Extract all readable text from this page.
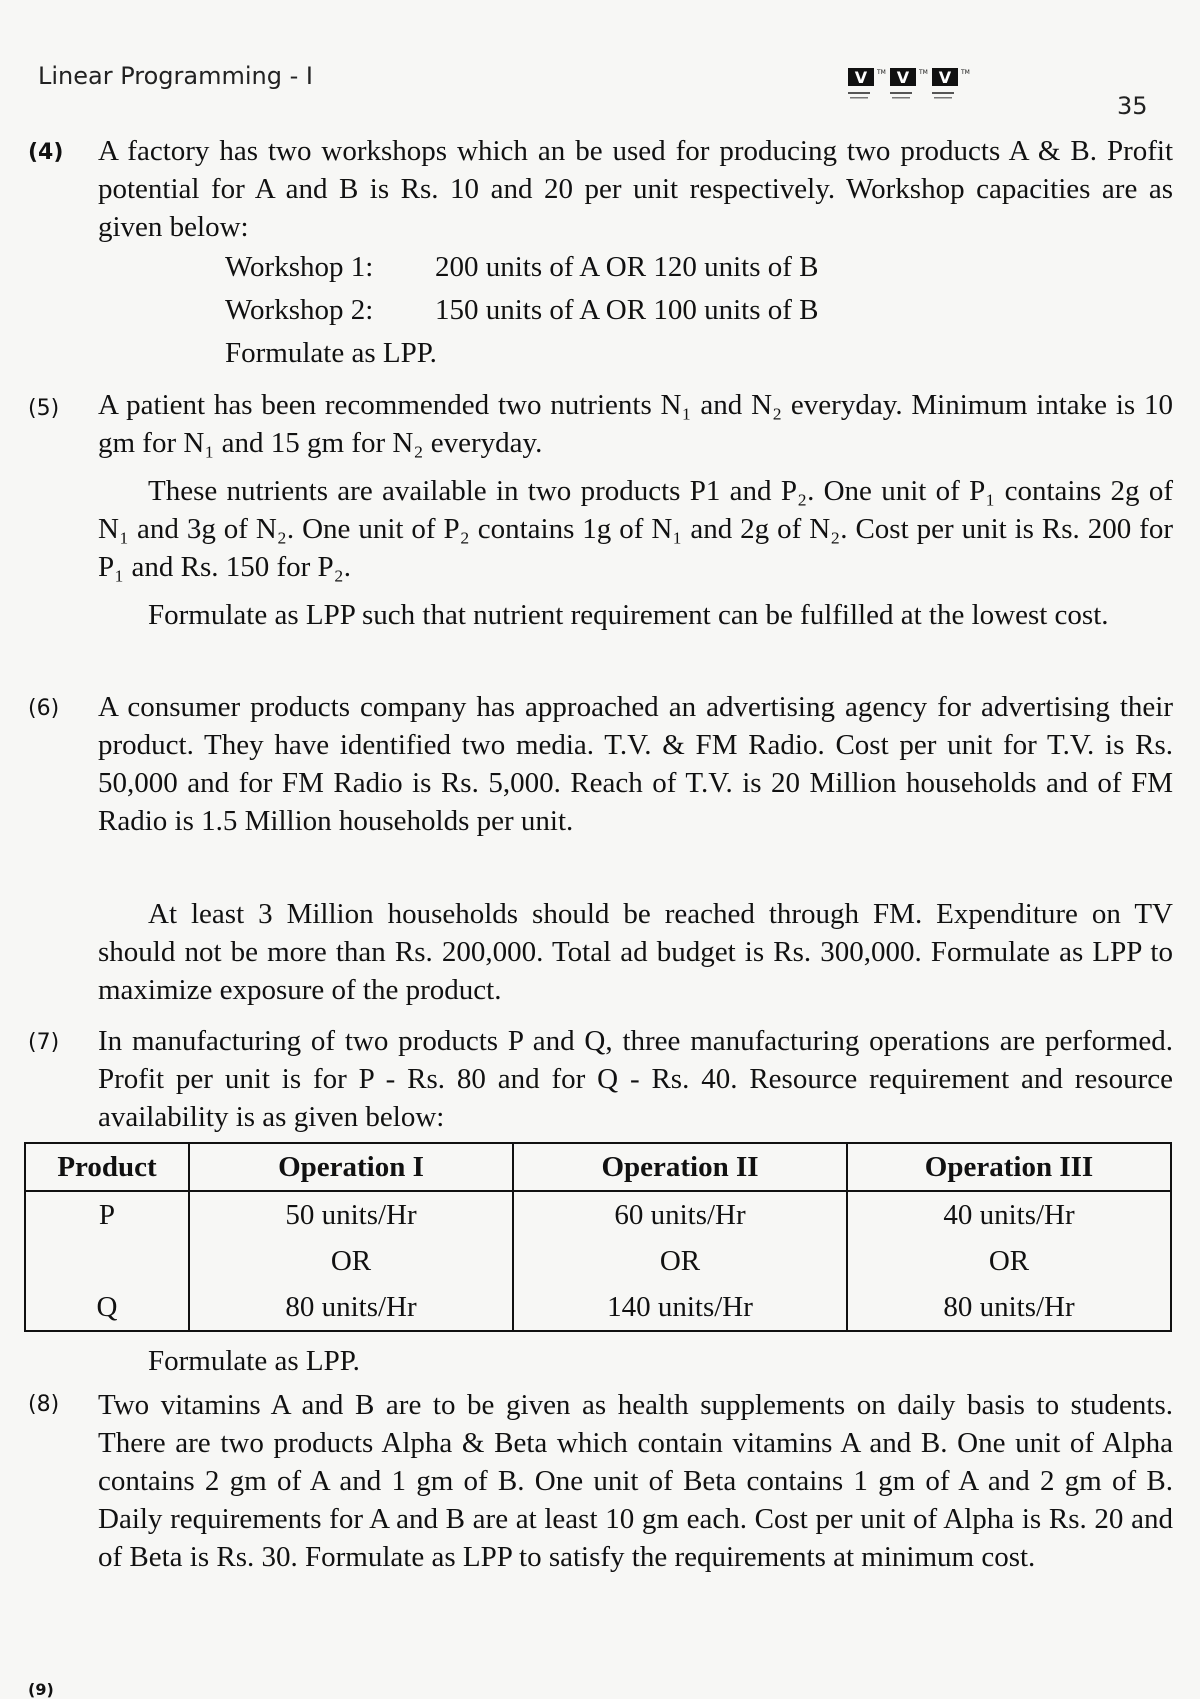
Linear Programming - I	V V V
TM	TM	TM
35
(4) A factory has two workshops which an be used for producing two products A & B. Profit potential for A and B is Rs. 10 and 20 per unit respectively. Workshop capacities are as given below:
Workshop 1:	200 units of A OR 120 units of B
Workshop 2:	150 units of A OR 100 units of B
Formulate as LPP.
(5) A patient has been recommended two nutrients N₁ and N₂ everyday. Minimum intake is 10 gm for N₁ and 15 gm for N₂ everyday.
These nutrients are available in two products P1 and P₂. One unit of P₁ contains 2g of N₁ and 3g of N₂. One unit of P₂ contains 1g of N₁ and 2g of N₂. Cost per unit is Rs. 200 for P₁ and Rs. 150 for P₂.
Formulate as LPP such that nutrient requirement can be fulfilled at the lowest cost.
(6) A consumer products company has approached an advertising agency for advertising their product. They have identified two media. T.V. & FM Radio. Cost per unit for T.V. is Rs. 50,000 and for FM Radio is Rs. 5,000. Reach of T.V. is 20 Million households and of FM Radio is 1.5 Million households per unit.
At least 3 Million households should be reached through FM. Expenditure on TV should not be more than Rs. 200,000. Total ad budget is Rs. 300,000. Formulate as LPP to maximize exposure of the product.
(7) In manufacturing of two products P and Q, three manufacturing operations are performed. Profit per unit is for P - Rs. 80 and for Q - Rs. 40. Resource requirement and resource availability is as given below:
Product	Operation I	Operation II	Operation III
P	50 units/Hr	60 units/Hr	40 units/Hr
	OR	OR	OR
Q	80 units/Hr	140 units/Hr	80 units/Hr
Formulate as LPP.
(8) Two vitamins A and B are to be given as health supplements on daily basis to students. There are two products Alpha & Beta which contain vitamins A and B. One unit of Alpha contains 2 gm of A and 1 gm of B. One unit of Beta contains 1 gm of A and 2 gm of B. Daily requirements for A and B are at least 10 gm each. Cost per unit of Alpha is Rs. 20 and of Beta is Rs. 30. Formulate as LPP to satisfy the requirements at minimum cost.
(9)
